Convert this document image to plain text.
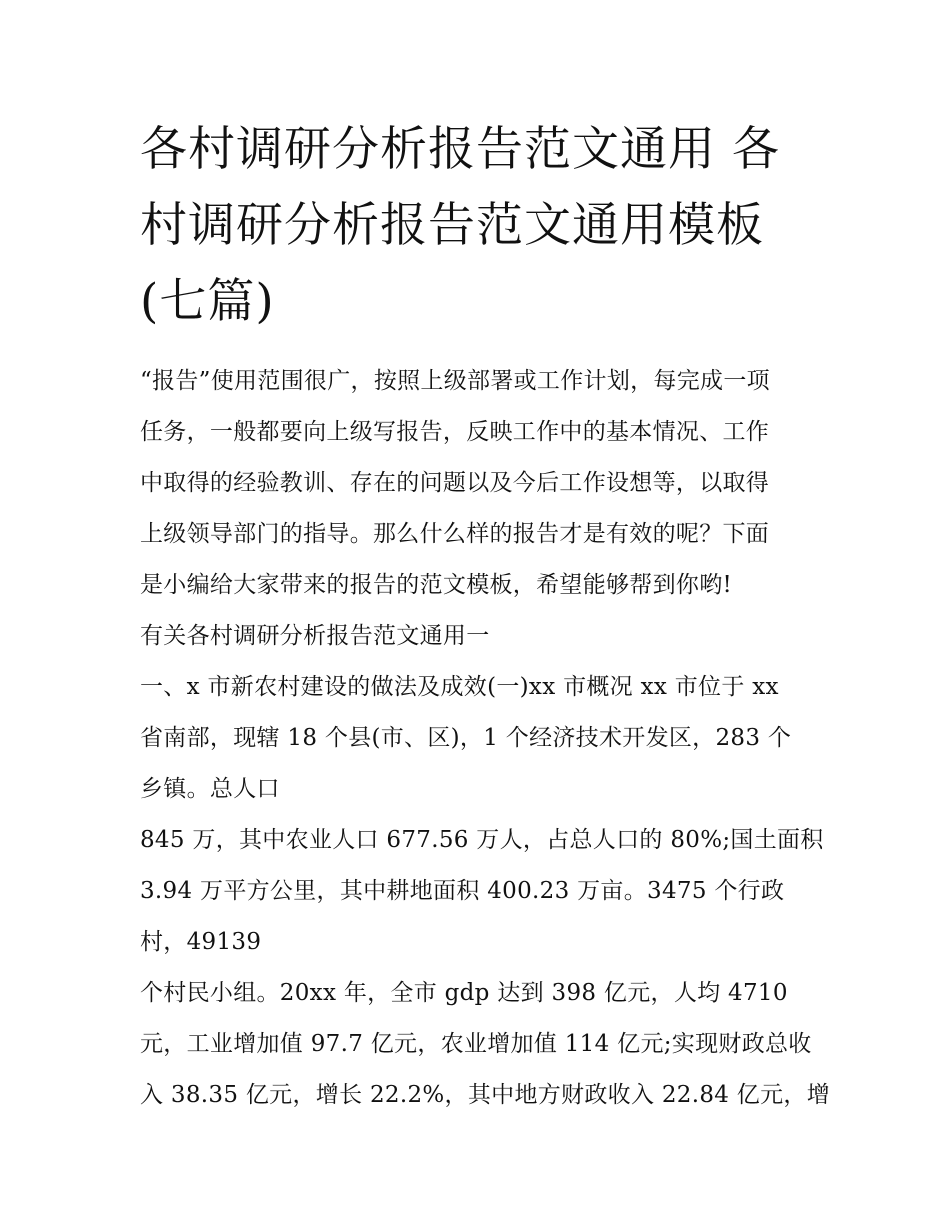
各村调研分析报告范文通用 各
村调研分析报告范文通用模板
(七篇)
“报告”使用范围很广，按照上级部署或工作计划，每完成一项
任务，一般都要向上级写报告，反映工作中的基本情况、工作
中取得的经验教训、存在的问题以及今后工作设想等，以取得
上级领导部门的指导。那么什么样的报告才是有效的呢？下面
是小编给大家带来的报告的范文模板，希望能够帮到你哟!
有关各村调研分析报告范文通用一
一、x 市新农村建设的做法及成效(一)xx 市概况 xx 市位于 xx
省南部，现辖 18 个县(市、区)，1 个经济技术开发区，283 个
乡镇。总人口
845 万，其中农业人口 677.56 万人，占总人口的 80%;国土面积
3.94 万平方公里，其中耕地面积 400.23 万亩。3475 个行政
村，49139
个村民小组。20xx 年，全市 gdp 达到 398 亿元，人均 4710
元，工业增加值 97.7 亿元，农业增加值 114 亿元;实现财政总收
入 38.35 亿元，增长 22.2%，其中地方财政收入 22.84 亿元，增
